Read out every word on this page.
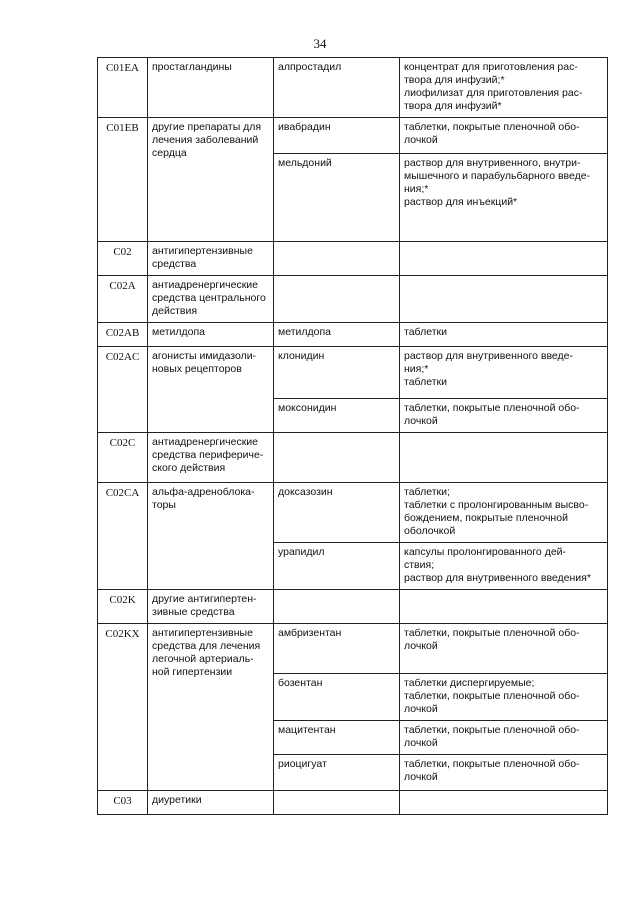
34
C01EA	простагландины	алпростадил	концентрат для приготовления рас-
твора для инфузий;*
лиофилизат для приготовления рас-
твора для инфузий*

C01EB	другие препараты для
лечения заболеваний
сердца	ивабрадин	таблетки, покрытые пленочной обо-
лочкой

		мельдоний	раствор для внутривенного, внутри-
мышечного и парабульбарного введе-
ния;*
раствор для инъекций*

C02	антигипертензивные
средства		

C02A	антиадренергические
средства центрального
действия		

C02AB	метилдопа	метилдопа	таблетки

C02AC	агонисты имидазоли-
новых рецепторов	клонидин	раствор для внутривенного введе-
ния;*
таблетки

		моксонидин	таблетки, покрытые пленочной обо-
лочкой

C02C	антиадренергические
средства перифериче-
ского действия		

C02CA	альфа-адреноблока-
торы	доксазозин	таблетки;
таблетки с пролонгированным высво-
бождением, покрытые пленочной
оболочкой

		урапидил	капсулы пролонгированного дей-
ствия;
раствор для внутривенного введения*

C02K	другие антигипертен-
зивные средства		

C02KX	антигипертензивные
средства для лечения
легочной артериаль-
ной гипертензии	амбризентан	таблетки, покрытые пленочной обо-
лочкой

		бозентан	таблетки диспергируемые;
таблетки, покрытые пленочной обо-
лочкой

		мацитентан	таблетки, покрытые пленочной обо-
лочкой

		риоцигуат	таблетки, покрытые пленочной обо-
лочкой

C03	диуретики		
